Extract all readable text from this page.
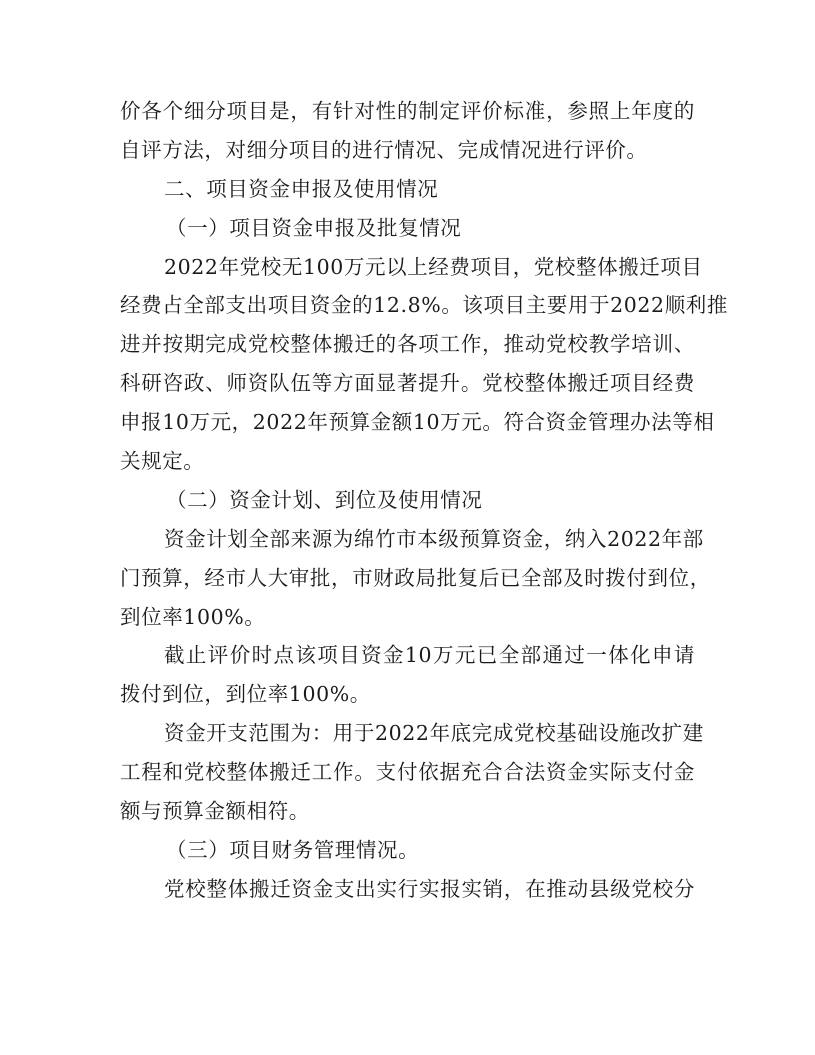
价各个细分项目是，有针对性的制定评价标准，参照上年度的
自评方法，对细分项目的进行情况、完成情况进行评价。
二、项目资金申报及使用情况
（一）项目资金申报及批复情况
2022年党校无100万元以上经费项目，党校整体搬迁项目
经费占全部支出项目资金的12.8%。该项目主要用于2022顺利推
进并按期完成党校整体搬迁的各项工作，推动党校教学培训、
科研咨政、师资队伍等方面显著提升。党校整体搬迁项目经费
申报10万元，2022年预算金额10万元。符合资金管理办法等相
关规定。
（二）资金计划、到位及使用情况
资金计划全部来源为绵竹市本级预算资金，纳入2022年部
门预算，经市人大审批，市财政局批复后已全部及时拨付到位，
到位率100%。
截止评价时点该项目资金10万元已全部通过一体化申请
拨付到位，到位率100%。
资金开支范围为：用于2022年底完成党校基础设施改扩建
工程和党校整体搬迁工作。支付依据充合合法资金实际支付金
额与预算金额相符。
（三）项目财务管理情况。
党校整体搬迁资金支出实行实报实销，在推动县级党校分
